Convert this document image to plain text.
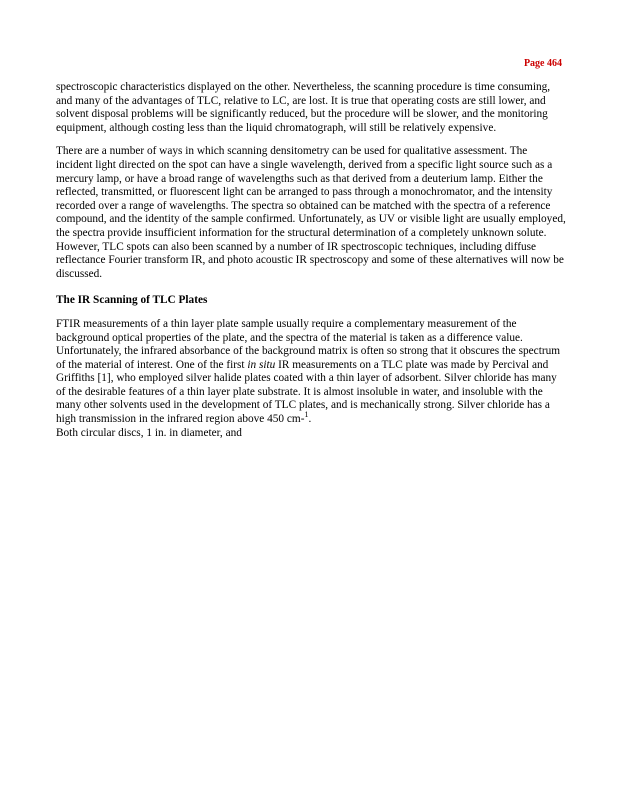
Page 464

spectroscopic characteristics displayed on the other. Nevertheless, the scanning procedure is time consuming, and many of the advantages of TLC, relative to LC, are lost. It is true that operating costs are still lower, and solvent disposal problems will be significantly reduced, but the procedure will be slower, and the monitoring equipment, although costing less than the liquid chromatograph, will still be relatively expensive.

There are a number of ways in which scanning densitometry can be used for qualitative assessment. The incident light directed on the spot can have a single wavelength, derived from a specific light source such as a mercury lamp, or have a broad range of wavelengths such as that derived from a deuterium lamp. Either the reflected, transmitted, or fluorescent light can be arranged to pass through a monochromator, and the intensity recorded over a range of wavelengths. The spectra so obtained can be matched with the spectra of a reference compound, and the identity of the sample confirmed. Unfortunately, as UV or visible light are usually employed, the spectra provide insufficient information for the structural determination of a completely unknown solute. However, TLC spots can also been scanned by a number of IR spectroscopic techniques, including diffuse reflectance Fourier transform IR, and photo acoustic IR spectroscopy and some of these alternatives will now be discussed.

The IR Scanning of TLC Plates

FTIR measurements of a thin layer plate sample usually require a complementary measurement of the background optical properties of the plate, and the spectra of the material is taken as a difference value. Unfortunately, the infrared absorbance of the background matrix is often so strong that it obscures the spectrum of the material of interest. One of the first in situ IR measurements on a TLC plate was made by Percival and Griffiths [1], who employed silver halide plates coated with a thin layer of adsorbent. Silver chloride has many of the desirable features of a thin layer plate substrate. It is almost insoluble in water, and insoluble with the many other solvents used in the development of TLC plates, and is mechanically strong. Silver chloride has a high transmission in the infrared region above 450 cm-$^1$.

Both circular discs, 1 in. in diameter, and
